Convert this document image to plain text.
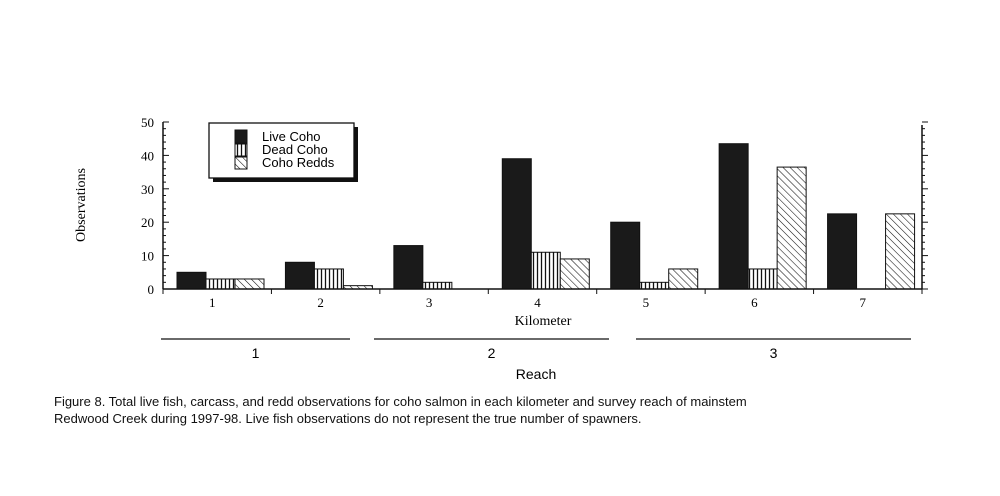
0
10
20
30
40
50
1	2	3	4	5	6	7
Kilometer
Observations
1	2	3
Reach
Live Coho
Dead Coho
Coho Redds
Figure 8. Total live fish, carcass, and redd observations for coho salmon in each kilometer and survey reach of mainstem
Redwood Creek during 1997-98. Live fish observations do not represent the true number of spawners.
